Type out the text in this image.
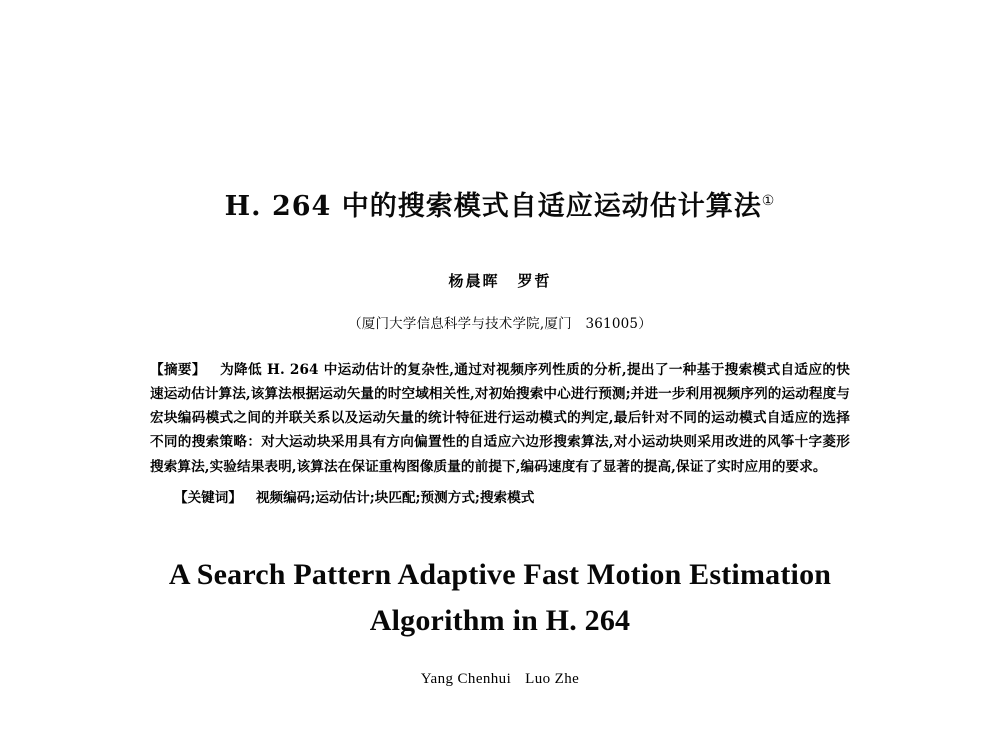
H. 264 中的搜索模式自适应运动估计算法①
杨晨晖 罗哲
（厦门大学信息科学与技术学院,厦门　361005）
【摘要】 为降低 H. 264 中运动估计的复杂性,通过对视频序列性质的分析,提出了一种基于搜索模式自适应的快速运动估计算法,该算法根据运动矢量的时空域相关性,对初始搜索中心进行预测;并进一步利用视频序列的运动程度与宏块编码模式之间的并联关系以及运动矢量的统计特征进行运动模式的判定,最后针对不同的运动模式自适应的选择不同的搜索策略：对大运动块采用具有方向偏置性的自适应六边形搜索算法,对小运动块则采用改进的风筝十字菱形搜索算法,实验结果表明,该算法在保证重构图像质量的前提下,编码速度有了显著的提高,保证了实时应用的要求。
【关键词】 视频编码;运动估计;块匹配;预测方式;搜索模式
A Search Pattern Adaptive Fast Motion Estimation
Algorithm in H. 264
Yang Chenhui Luo Zhe
